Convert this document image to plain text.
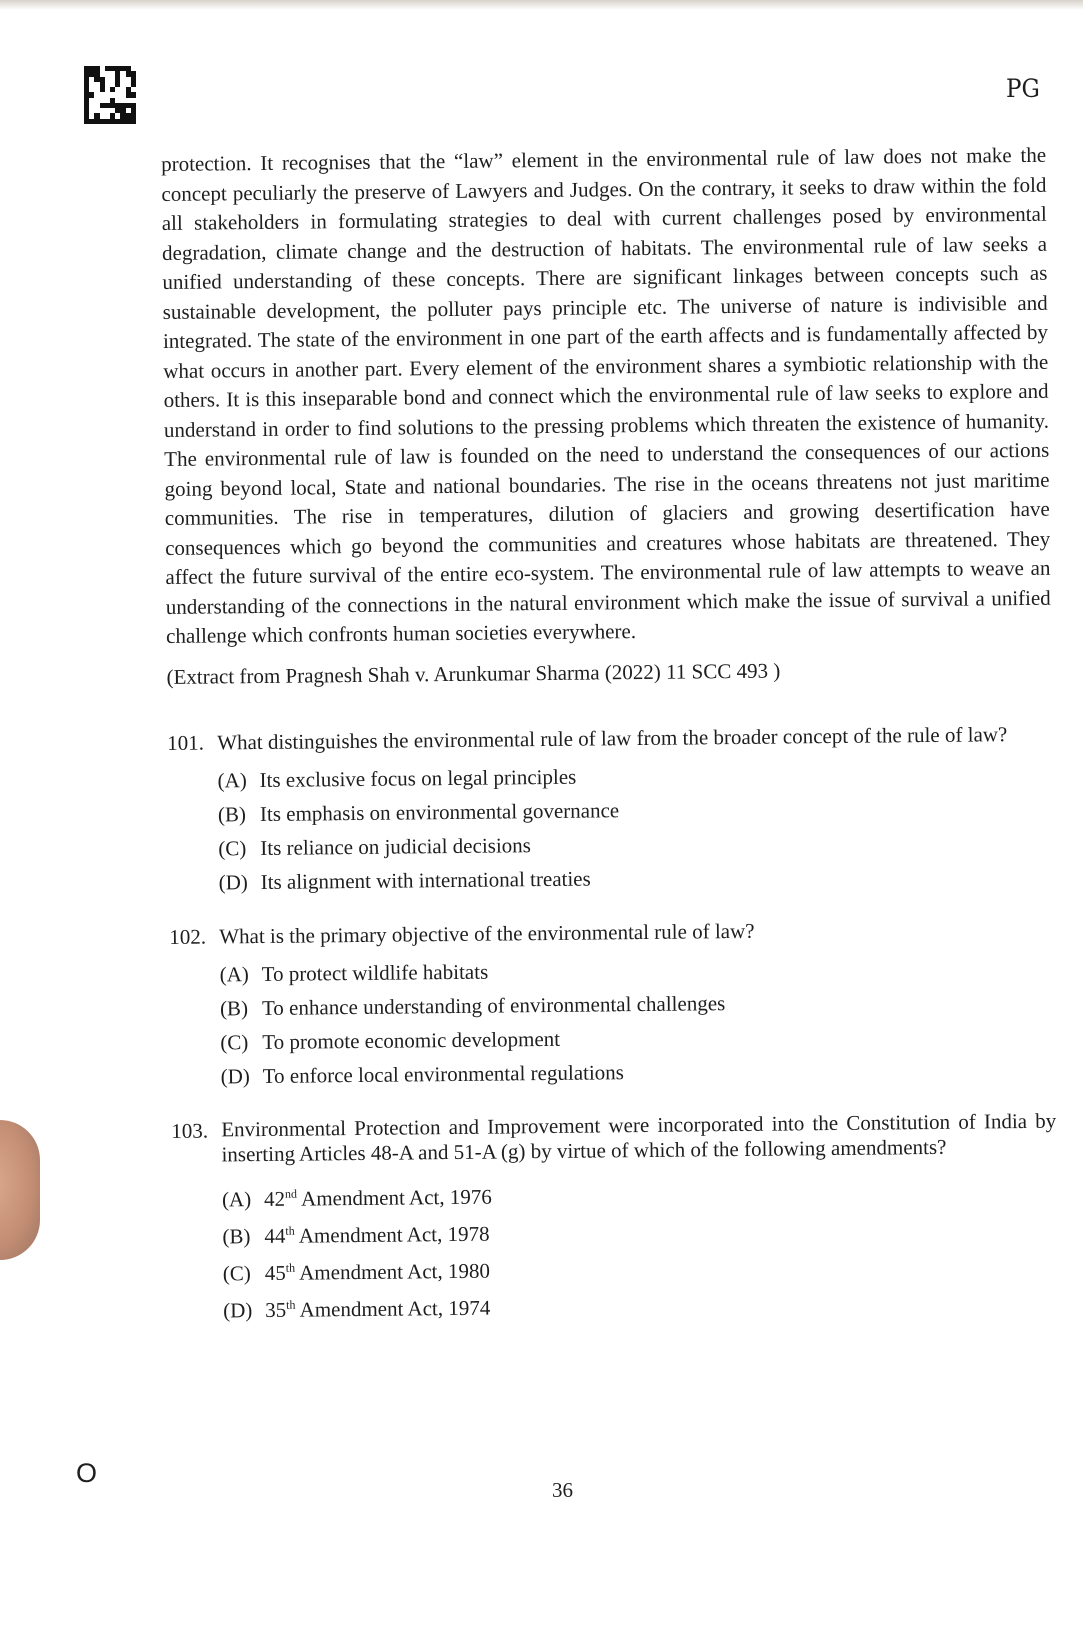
PG

protection. It recognises that the “law” element in the environmental rule of law does not make the concept peculiarly the preserve of Lawyers and Judges. On the contrary, it seeks to draw within the fold all stakeholders in formulating strategies to deal with current challenges posed by environmental degradation, climate change and the destruction of habitats. The environmental rule of law seeks a unified understanding of these concepts. There are significant linkages between concepts such as sustainable development, the polluter pays principle etc. The universe of nature is indivisible and integrated. The state of the environment in one part of the earth affects and is fundamentally affected by what occurs in another part. Every element of the environment shares a symbiotic relationship with the others. It is this inseparable bond and connect which the environmental rule of law seeks to explore and understand in order to find solutions to the pressing problems which threaten the existence of humanity. The environmental rule of law is founded on the need to understand the consequences of our actions going beyond local, State and national boundaries. The rise in the oceans threatens not just maritime communities. The rise in temperatures, dilution of glaciers and growing desertification have consequences which go beyond the communities and creatures whose habitats are threatened. They affect the future survival of the entire eco-system. The environmental rule of law attempts to weave an understanding of the connections in the natural environment which make the issue of survival a unified challenge which confronts human societies everywhere.

(Extract from Pragnesh Shah v. Arunkumar Sharma (2022) 11 SCC 493 )

101. What distinguishes the environmental rule of law from the broader concept of the rule of law?
(A) Its exclusive focus on legal principles
(B) Its emphasis on environmental governance
(C) Its reliance on judicial decisions
(D) Its alignment with international treaties
102. What is the primary objective of the environmental rule of law?
(A) To protect wildlife habitats
(B) To enhance understanding of environmental challenges
(C) To promote economic development
(D) To enforce local environmental regulations
103. Environmental Protection and Improvement were incorporated into the Constitution of India by inserting Articles 48-A and 51-A (g) by virtue of which of the following amendments?
(A) 42nd Amendment Act, 1976
(B) 44th Amendment Act, 1978
(C) 45th Amendment Act, 1980
(D) 35th Amendment Act, 1974
O
36
